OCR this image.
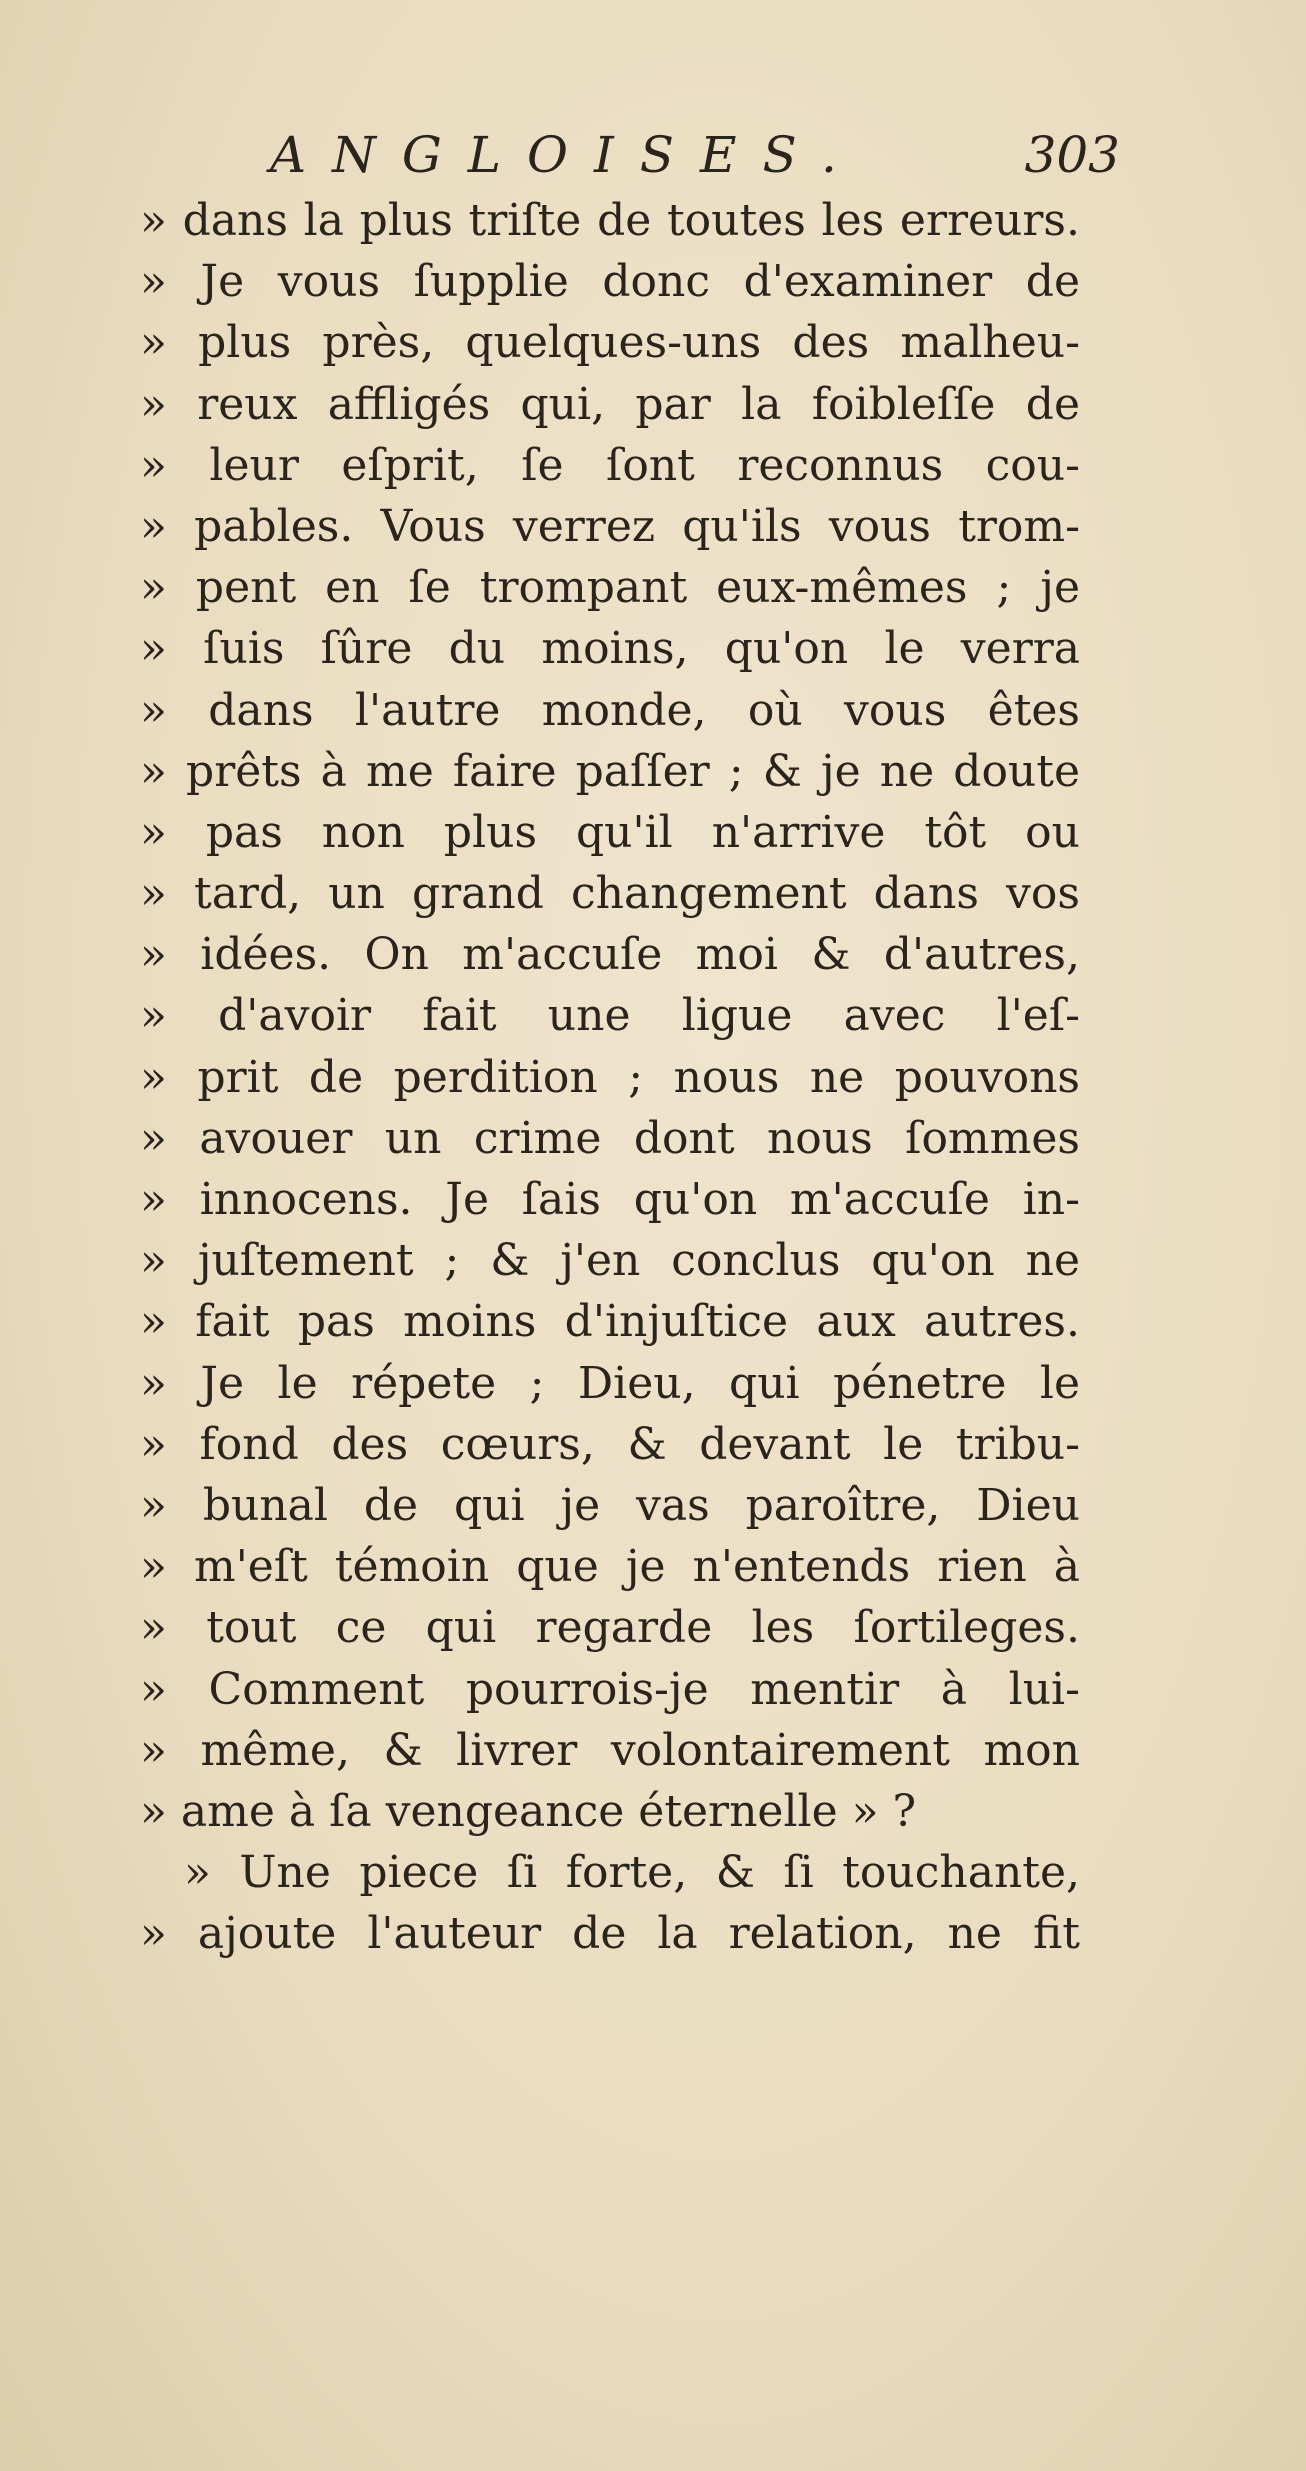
ANGLOISES.	303
» dans la plus triſte de toutes les erreurs.
» Je vous ſupplie donc d'examiner de
» plus près, quelques-uns des malheu-
» reux affligés qui, par la foibleſſe de
» leur eſprit, ſe ſont reconnus cou-
» pables. Vous verrez qu'ils vous trom-
» pent en ſe trompant eux-mêmes ; je
» ſuis ſûre du moins, qu'on le verra
» dans l'autre monde, où vous êtes
» prêts à me faire paſſer ; & je ne doute
» pas non plus qu'il n'arrive tôt ou
» tard, un grand changement dans vos
» idées. On m'accuſe moi & d'autres,
» d'avoir fait une ligue avec l'eſ-
» prit de perdition ; nous ne pouvons
» avouer un crime dont nous ſommes
» innocens. Je ſais qu'on m'accuſe in-
» juſtement ; & j'en conclus qu'on ne
» fait pas moins d'injuſtice aux autres.
» Je le répete ; Dieu, qui pénetre le
» fond des cœurs, & devant le tribu-
» bunal de qui je vas paroître, Dieu
» m'eſt témoin que je n'entends rien à
» tout ce qui regarde les ſortileges.
» Comment pourrois-je mentir à lui-
» même, & livrer volontairement mon
» ame à ſa vengeance éternelle » ?
» Une piece ſi forte, & ſi touchante,
» ajoute l'auteur de la relation, ne fit
